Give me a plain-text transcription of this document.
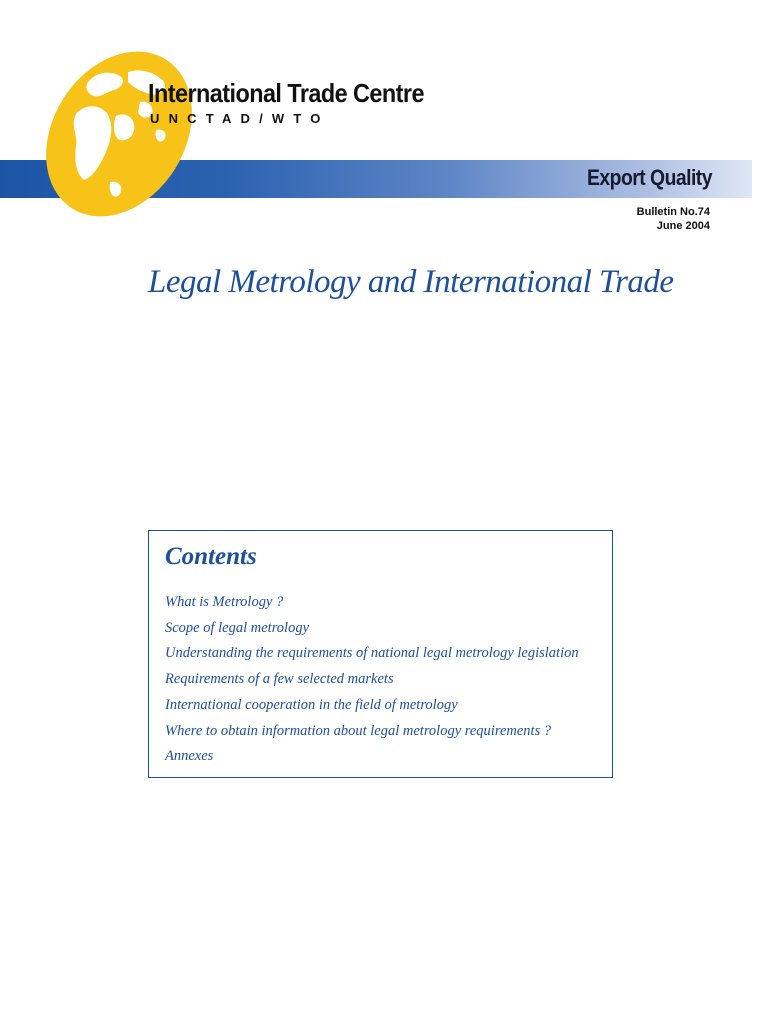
International Trade Centre
UNCTAD/WTO
Export Quality
Bulletin No.74
June 2004
Legal Metrology and International Trade
Contents
What is Metrology ?
Scope of legal metrology
Understanding the requirements of national legal metrology legislation
Requirements of a few selected markets
International cooperation in the field of metrology
Where to obtain information about legal metrology requirements ?
Annexes
